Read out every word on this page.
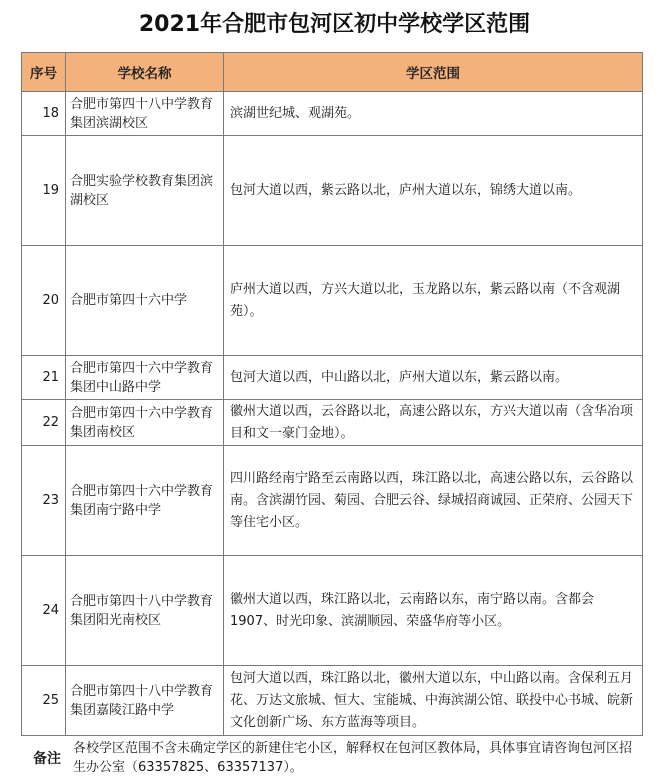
2021年合肥市包河区初中学校学区范围
序号	学校名称	学区范围
18	合肥市第四十八中学教育集团滨湖校区	滨湖世纪城、观湖苑。
19	合肥实验学校教育集团滨湖校区	包河大道以西，紫云路以北，庐州大道以东，锦绣大道以南。
20	合肥市第四十六中学	庐州大道以西，方兴大道以北，玉龙路以东，紫云路以南（不含观湖苑）。
21	合肥市第四十六中学教育集团中山路中学	包河大道以西，中山路以北，庐州大道以东，紫云路以南。
22	合肥市第四十六中学教育集团南校区	徽州大道以西，云谷路以北，高速公路以东，方兴大道以南（含华冶项目和文一豪门金地）。
23	合肥市第四十六中学教育集团南宁路中学	四川路经南宁路至云南路以西，珠江路以北，高速公路以东，云谷路以南。含滨湖竹园、菊园、合肥云谷、绿城招商诚园、正荣府、公园天下等住宅小区。
24	合肥市第四十八中学教育集团阳光南校区	徽州大道以西，珠江路以北，云南路以东，南宁路以南。含都会1907、时光印象、滨湖顺园、荣盛华府等小区。
25	合肥市第四十八中学教育集团嘉陵江路中学	包河大道以西，珠江路以北，徽州大道以东，中山路以南。含保利五月花、万达文旅城、恒大、宝能城、中海滨湖公馆、联投中心书城、皖新文化创新广场、东方蓝海等项目。
备注
各校学区范围不含未确定学区的新建住宅小区，解释权在包河区教体局，具体事宜请咨询包河区招生办公室（63357825、63357137）。
